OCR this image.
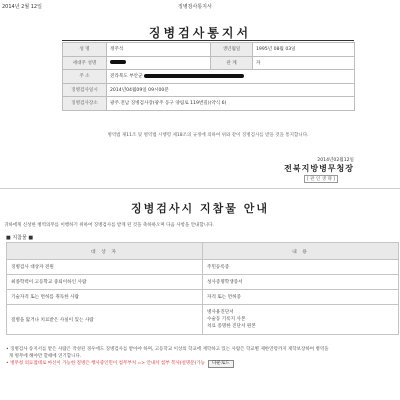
2014년 2월 12일	징병검사통지서
징병검사통지서
성 명	정주석	생년월일	1995년 08월 03일
세대주 성명		관 계	자
주 소	전라북도 부안군		
징병검사일시	2014년04월09일 09시00분		
징병검사장소	광주.전남 징병검사장(광주 동구 양림로 119번길)(약식 6)		
병역법 제11조 및 병역법 시행령 제18조의 규정에 의하여 위와 같이 징병검사를 받을 것을 통지합니다.
2014년02월12일
전북지방병무청장
[ 관 인 생 략 ]
징병검사시 지참물 안내
귀하에게 신성한 병역의무를 이행하기 위하여 징병검사를 받게 된 것을 축하하오며 다음 사항을 안내합니다.
■ 지참물 ■
대 상 자	내 용
징병검사 대상자 전원	주민등록증
최종학력이 고등학교 중퇴이하인 사람	성사증명학생증서
기술자격 또는 면허를 취득한 사람	자격 또는 면허증
질병을 앓거나 치료받은 사실이 있는 사람	병사용진단서
수술동 기록지 사본
치료 증명한 진단서 원본
• 징병검사 송지서를 받은 사람은 작성된 경우에도 징병검사를 받아야 하며, 고등학교 이상의 학교에 재학하고 있는 사람은 학교별 제한연령까지 재학보장하여 병역을
게 병무에 해야만 할때에 연기합니다.
• 병무청 의료접대로 마신이 가능한 질병은 행사중인민이 첨무부처 => 안내서 첨부 복사(설명문)가능 다운로드
